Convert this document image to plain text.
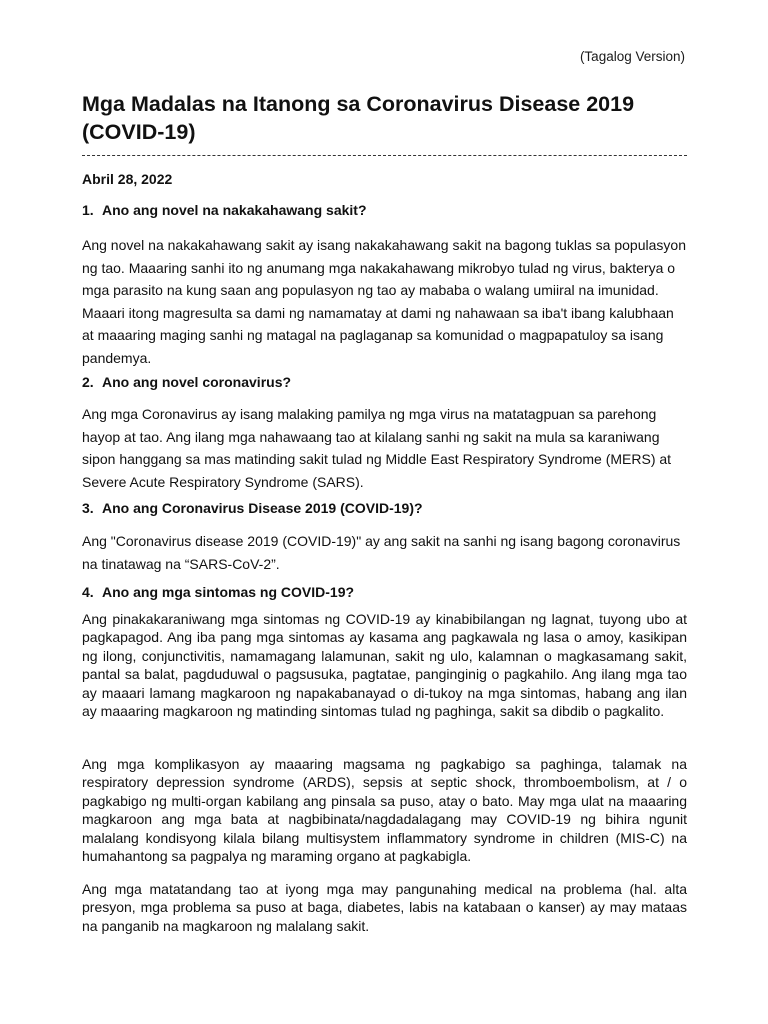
(Tagalog Version)
Mga Madalas na Itanong sa Coronavirus Disease 2019 (COVID-19)
Abril 28, 2022
1. Ano ang novel na nakakahawang sakit?

Ang novel na nakakahawang sakit ay isang nakakahawang sakit na bagong tuklas sa populasyon ng tao. Maaaring sanhi ito ng anumang mga nakakahawang mikrobyo tulad ng virus, bakterya o mga parasito na kung saan ang populasyon ng tao ay mababa o walang umiiral na imunidad. Maaari itong magresulta sa dami ng namamatay at dami ng nahawaan sa iba't ibang kalubhaan at maaaring maging sanhi ng matagal na paglaganap sa komunidad o magpapatuloy sa isang pandemya.

2. Ano ang novel coronavirus?

Ang mga Coronavirus ay isang malaking pamilya ng mga virus na matatagpuan sa parehong hayop at tao. Ang ilang mga nahawaang tao at kilalang sanhi ng sakit na mula sa karaniwang sipon hanggang sa mas matinding sakit tulad ng Middle East Respiratory Syndrome (MERS) at Severe Acute Respiratory Syndrome (SARS).

3. Ano ang Coronavirus Disease 2019 (COVID-19)?

Ang "Coronavirus disease 2019 (COVID-19)" ay ang sakit na sanhi ng isang bagong coronavirus na tinatawag na “SARS-CoV-2”.

4. Ano ang mga sintomas ng COVID-19?

Ang pinakakaraniwang mga sintomas ng COVID-19 ay kinabibilangan ng lagnat, tuyong ubo at pagkapagod. Ang iba pang mga sintomas ay kasama ang pagkawala ng lasa o amoy, kasikipan ng ilong, conjunctivitis, namamagang lalamunan, sakit ng ulo, kalamnan o magkasamang sakit, pantal sa balat, pagduduwal o pagsusuka, pagtatae, panginginig o pagkahilo. Ang ilang mga tao ay maaari lamang magkaroon ng napakabanayad o di-tukoy na mga sintomas, habang ang ilan ay maaaring magkaroon ng matinding sintomas tulad ng paghinga, sakit sa dibdib o pagkalito.

Ang mga komplikasyon ay maaaring magsama ng pagkabigo sa paghinga, talamak na respiratory depression syndrome (ARDS), sepsis at septic shock, thromboembolism, at / o pagkabigo ng multi-organ kabilang ang pinsala sa puso, atay o bato. May mga ulat na maaaring magkaroon ang mga bata at nagbibinata/nagdadalagang may COVID-19 ng bihira ngunit malalang kondisyong kilala bilang multisystem inflammatory syndrome in children (MIS-C) na humahantong sa pagpalya ng maraming organo at pagkabigla.

Ang mga matatandang tao at iyong mga may pangunahing medical na problema (hal. alta presyon, mga problema sa puso at baga, diabetes, labis na katabaan o kanser) ay may mataas na panganib na magkaroon ng malalang sakit.
